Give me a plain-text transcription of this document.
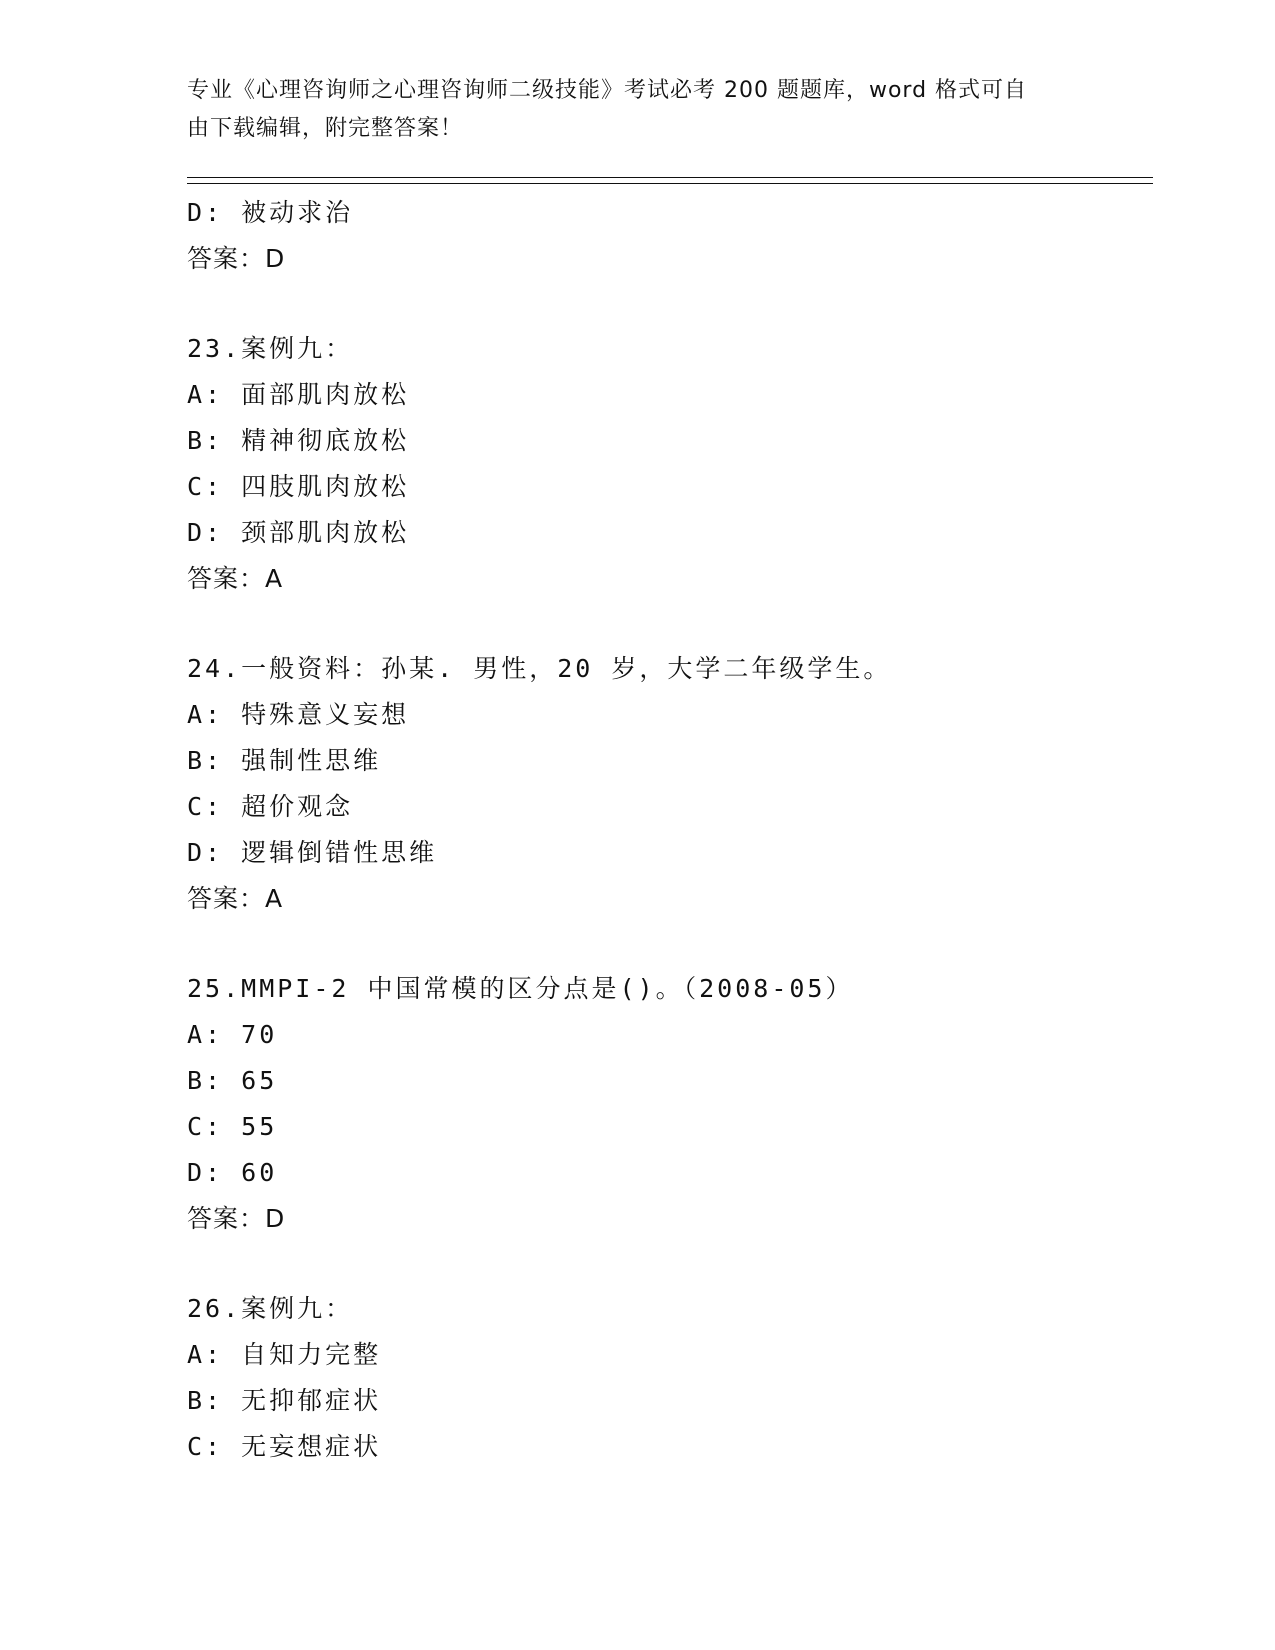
专业《心理咨询师之心理咨询师二级技能》考试必考 200 题题库，word 格式可自
由下载编辑，附完整答案！
D: 被动求治
答案：D
23.案例九：
A: 面部肌肉放松
B: 精神彻底放松
C: 四肢肌肉放松
D: 颈部肌肉放松
答案：A
24.一般资料：孙某. 男性，20 岁，大学二年级学生。
A: 特殊意义妄想
B: 强制性思维
C: 超价观念
D: 逻辑倒错性思维
答案：A
25.MMPI-2 中国常模的区分点是()。（2008-05）
A: 70
B: 65
C: 55
D: 60
答案：D
26.案例九：
A: 自知力完整
B: 无抑郁症状
C: 无妄想症状
